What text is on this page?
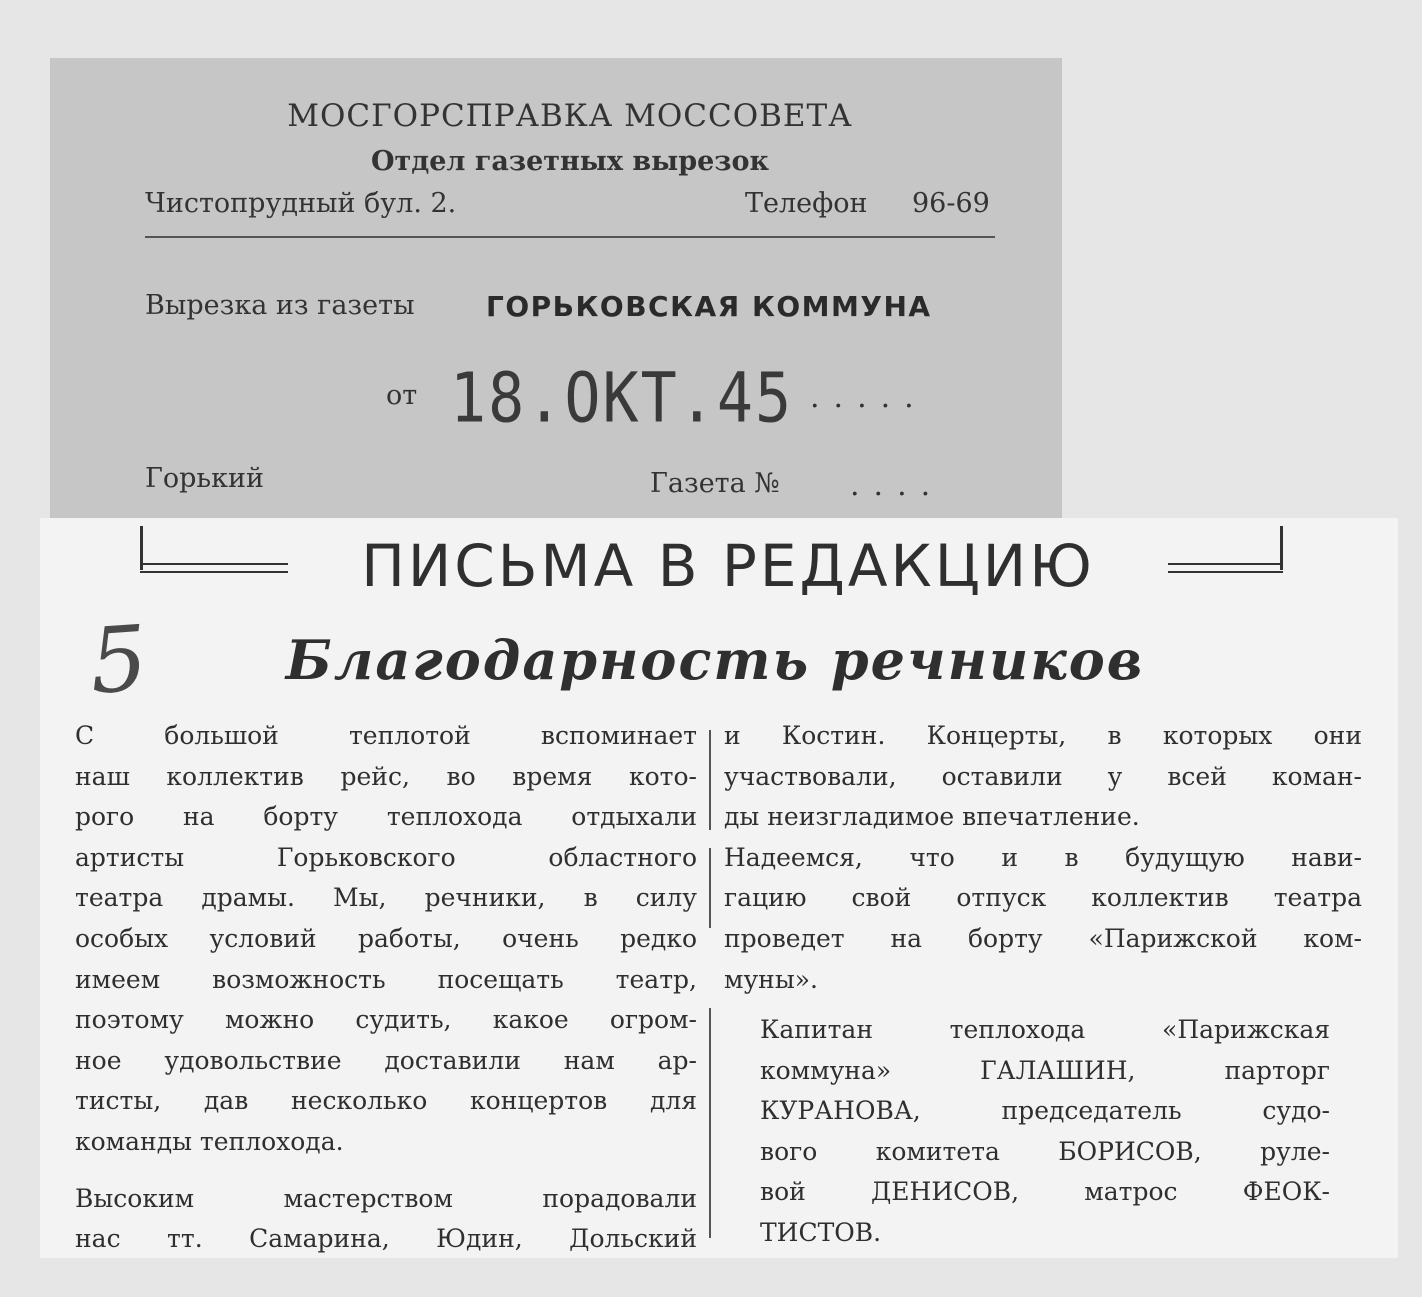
МОСГОРСПРАВКА МОССОВЕТА
Отдел газетных вырезок
Чистопрудный бул. 2.	Телефон 96-69
Вырезка из газеты	ГОРЬКОВСКАЯ КОММУНА
от 18.ОКТ.45 .....
Горький	Газета № ....
ПИСЬМА В РЕДАКЦИЮ
5	Благодарность речников
С большой теплотой вспоминает
наш коллектив рейс, во время кото-
рого на борту теплохода отдыхали
артисты Горьковского областного
театра драмы. Мы, речники, в силу
особых условий работы, очень редко
имеем возможность посещать театр,
поэтому можно судить, какое огром-
ное удовольствие доставили нам ар-
тисты, дав несколько концертов для
команды теплохода.
Высоким мастерством порадовали
нас тт. Самарина, Юдин, Дольский
и Костин. Концерты, в которых они
участвовали, оставили у всей коман-
ды неизгладимое впечатление.
Надеемся, что и в будущую нави-
гацию свой отпуск коллектив театра
проведет на борту «Парижской ком-
муны».
Капитан теплохода «Парижская
коммуна» ГАЛАШИН, парторг
КУРАНОВА, председатель судо-
вого комитета БОРИСОВ, руле-
вой ДЕНИСОВ, матрос ФЕОК-
ТИСТОВ.
